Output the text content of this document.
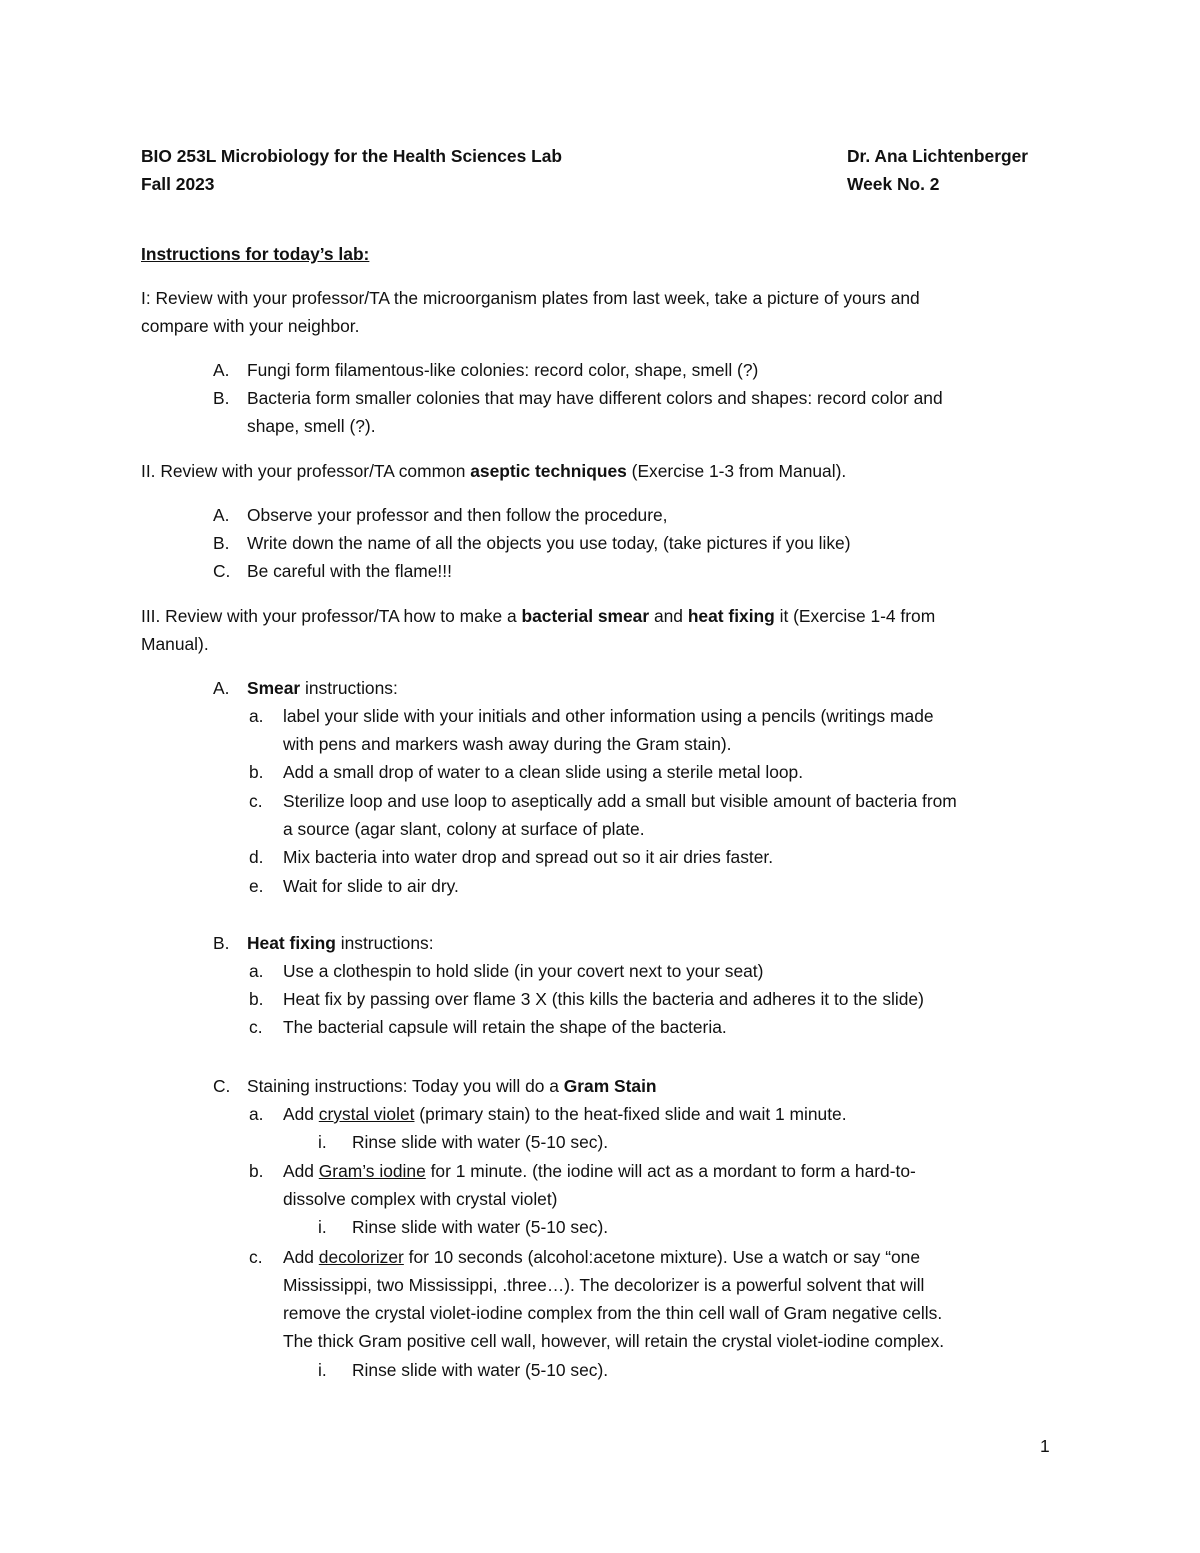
BIO 253L Microbiology for the Health Sciences Lab	Dr. Ana Lichtenberger
Fall 2023	Week No. 2
Instructions for today’s lab:
I: Review with your professor/TA the microorganism plates from last week, take a picture of yours and
compare with your neighbor.
A. Fungi form filamentous-like colonies: record color, shape, smell (?)
B. Bacteria form smaller colonies that may have different colors and shapes: record color and
shape, smell (?).
II. Review with your professor/TA common aseptic techniques (Exercise 1-3 from Manual).
A. Observe your professor and then follow the procedure,
B. Write down the name of all the objects you use today, (take pictures if you like)
C. Be careful with the flame!!!
III. Review with your professor/TA how to make a bacterial smear and heat fixing it (Exercise 1-4 from
Manual).
A. Smear instructions:
a. label your slide with your initials and other information using a pencils (writings made
with pens and markers wash away during the Gram stain).
b. Add a small drop of water to a clean slide using a sterile metal loop.
c. Sterilize loop and use loop to aseptically add a small but visible amount of bacteria from
a source (agar slant, colony at surface of plate.
d. Mix bacteria into water drop and spread out so it air dries faster.
e. Wait for slide to air dry.
B. Heat fixing instructions:
a. Use a clothespin to hold slide (in your covert next to your seat)
b. Heat fix by passing over flame 3 X (this kills the bacteria and adheres it to the slide)
c. The bacterial capsule will retain the shape of the bacteria.
C. Staining instructions: Today you will do a Gram Stain
a. Add crystal violet (primary stain) to the heat-fixed slide and wait 1 minute.
i. Rinse slide with water (5-10 sec).
b. Add Gram’s iodine for 1 minute. (the iodine will act as a mordant to form a hard-to-
dissolve complex with crystal violet)
i. Rinse slide with water (5-10 sec).
c. Add decolorizer for 10 seconds (alcohol:acetone mixture). Use a watch or say “one
Mississippi, two Mississippi, .three…). The decolorizer is a powerful solvent that will
remove the crystal violet-iodine complex from the thin cell wall of Gram negative cells.
The thick Gram positive cell wall, however, will retain the crystal violet-iodine complex.
i. Rinse slide with water (5-10 sec).
1
